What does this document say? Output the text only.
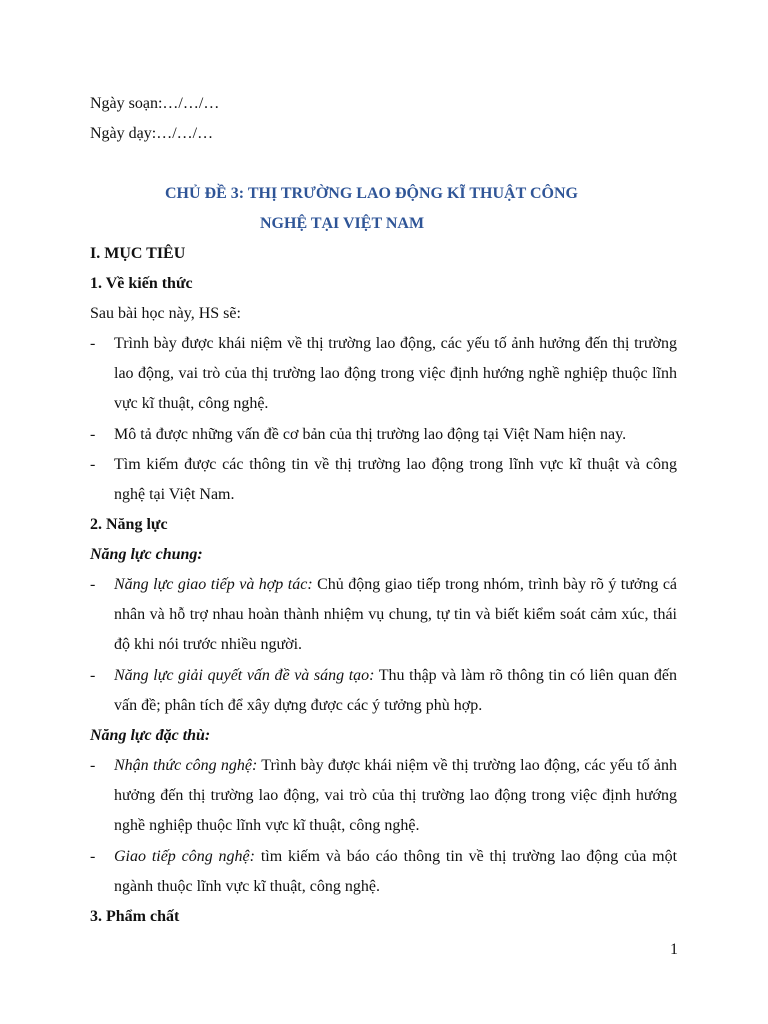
Ngày soạn:…/…/…
Ngày dạy:…/…/…
CHỦ ĐỀ 3: THỊ TRƯỜNG LAO ĐỘNG KĨ THUẬT CÔNG
NGHỆ TẠI VIỆT NAM
I. MỤC TIÊU
1. Về kiến thức
Sau bài học này, HS sẽ:
- Trình bày được khái niệm về thị trường lao động, các yếu tố ảnh hưởng đến thị trường lao động, vai trò của thị trường lao động trong việc định hướng nghề nghiệp thuộc lĩnh vực kĩ thuật, công nghệ.
- Mô tả được những vấn đề cơ bản của thị trường lao động tại Việt Nam hiện nay.
- Tìm kiếm được các thông tin về thị trường lao động trong lĩnh vực kĩ thuật và công nghệ tại Việt Nam.
2. Năng lực
Năng lực chung:
- Năng lực giao tiếp và hợp tác: Chủ động giao tiếp trong nhóm, trình bày rõ ý tưởng cá nhân và hỗ trợ nhau hoàn thành nhiệm vụ chung, tự tin và biết kiểm soát cảm xúc, thái độ khi nói trước nhiều người.
- Năng lực giải quyết vấn đề và sáng tạo: Thu thập và làm rõ thông tin có liên quan đến vấn đề; phân tích để xây dựng được các ý tưởng phù hợp.
Năng lực đặc thù:
- Nhận thức công nghệ: Trình bày được khái niệm về thị trường lao động, các yếu tố ảnh hưởng đến thị trường lao động, vai trò của thị trường lao động trong việc định hướng nghề nghiệp thuộc lĩnh vực kĩ thuật, công nghệ.
- Giao tiếp công nghệ: tìm kiếm và báo cáo thông tin về thị trường lao động của một ngành thuộc lĩnh vực kĩ thuật, công nghệ.
3. Phẩm chất
1
